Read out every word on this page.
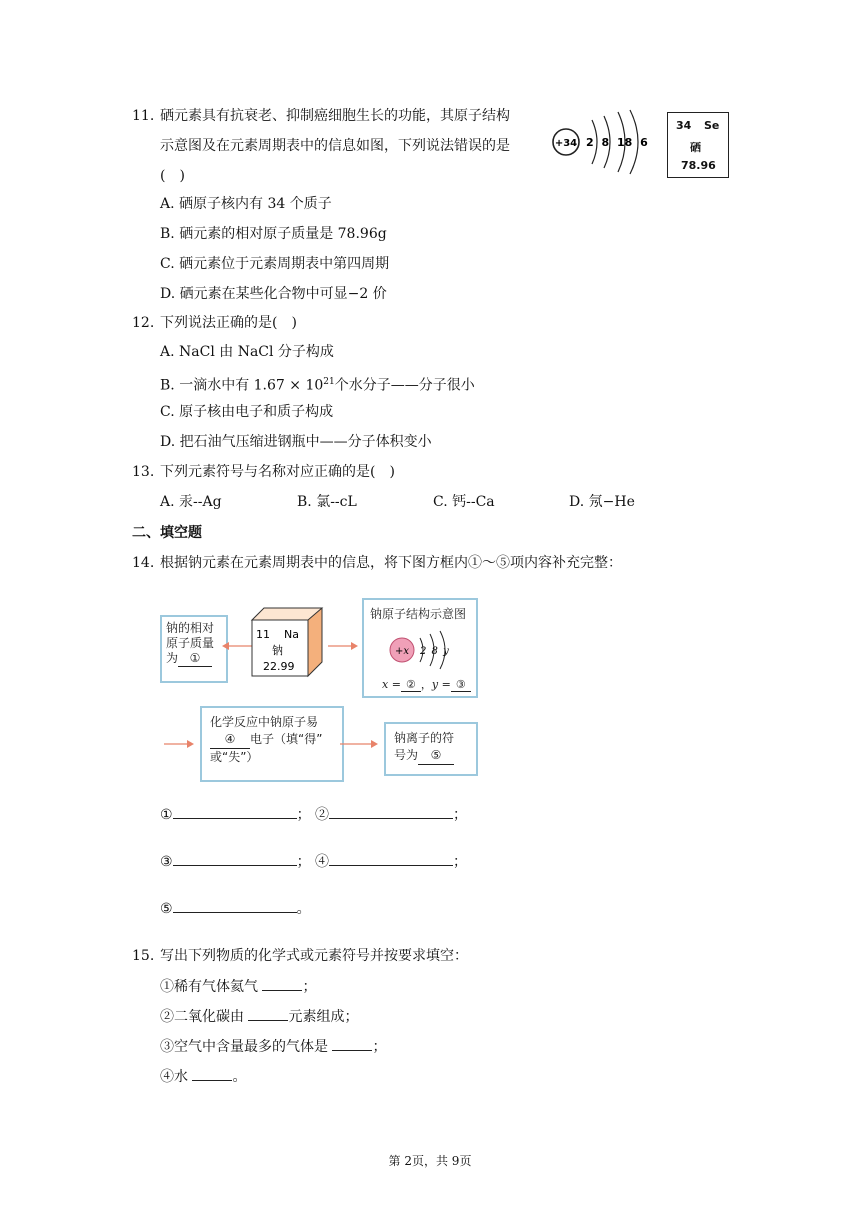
11. 硒元素具有抗衰老、抑制癌细胞生长的功能，其原子结构
示意图及在元素周期表中的信息如图，下列说法错误的是
(　)
A. 硒原子核内有 34 个质子
B. 硒元素的相对原子质量是 78.96g
C. 硒元素位于元素周期表中第四周期
D. 硒元素在某些化合物中可显−2 价
+34 2 8 18 6
34 Se
硒
78.96
12. 下列说法正确的是(　)
A. NaCl 由 NaCl 分子构成
B. 一滴水中有 $1.67 \times 10^{21}$个水分子——分子很小
C. 原子核由电子和质子构成
D. 把石油气压缩进钢瓶中——分子体积变小
13. 下列元素符号与名称对应正确的是(　)
A. 汞--Ag	B. 氯--cL	C. 钙--Ca	D. 氖−He
二、填空题
14. 根据钠元素在元素周期表中的信息，将下图方框内①～⑤项内容补充完整：
钠的相对
原子质量
为 ①
11 Na
钠
22.99
钠原子结构示意图
+x 2 8 y
x = ② ，y = ③
化学反应中钠原子易
④ 电子（填“得”
或“失”）
钠离子的符
号为 ⑤
①	； ②	；
③	； ④	；
⑤	。
15. 写出下列物质的化学式或元素符号并按要求填空：
①稀有气体氦气	；
②二氧化碳由	元素组成；
③空气中含量最多的气体是	；
④水	。
第 2页，共 9页
